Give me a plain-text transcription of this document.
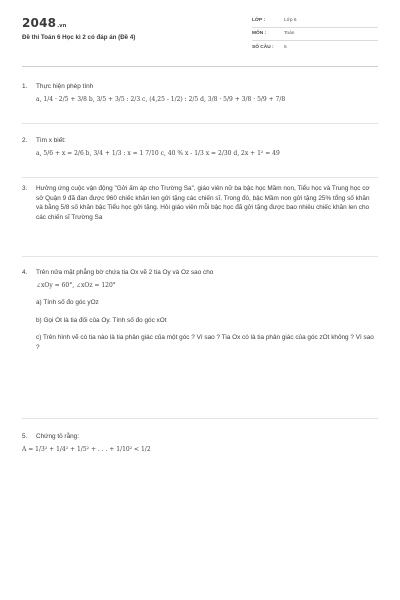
2048.vn
Đề thi Toán 6 Học kì 2 có đáp án (Đề 4)
LỚP :	Lớp 6
MÔN :	Toán
SỐ CÂU : 5
1.	Thực hiện phép tính

a, 1/4 · 2/5 + 3/8 b, 3/5 + 3/5 : 2/3 c, (4,25 - 1/2) : 2/5 d, 3/8 · 5/9 + 3/8 · 5/9 + 7/8

2.	Tìm x biết:

a, 5/6 + x = 2/6 b, 3/4 + 1/3 : x = 1 7/10 c, 40 % x - 1/3 x = 2/30 d, 2x + 1² = 49

3.	Hưởng ứng cuộc vận động "Gởi ấm áp cho Trường Sa", giáo viên nữ ba bậc học Mầm non, Tiểu học và Trung học cơ sở Quận 9 đã đan được 960 chiếc khăn len gửi tặng các chiến sĩ. Trong đó, bậc Mầm non gửi tặng 25% tổng số khăn và bằng 5/8 số khăn bậc Tiểu học gởi tặng. Hỏi giáo viên mỗi bậc học đã gởi tặng được bao nhiêu chiếc khăn len cho các chiến sĩ Trường Sa

4.	Trên nửa mặt phẳng bờ chứa tia Ox vẽ 2 tia Oy và Oz sao cho

∠xOy = 60°, ∠xOz = 120°

a) Tính số đo góc yOz

b) Gọi Ot là tia đối của Oy. Tính số đo góc xOt

c) Trên hình vẽ có tia nào là tia phân giác của một góc ? Vì sao ? Tia Ox có là tia phân giác của góc zOt không ? Vì sao ?

5.	Chứng tỏ rằng:

A = 1/3² + 1/4² + 1/5² + . . . + 1/10² < 1/2
